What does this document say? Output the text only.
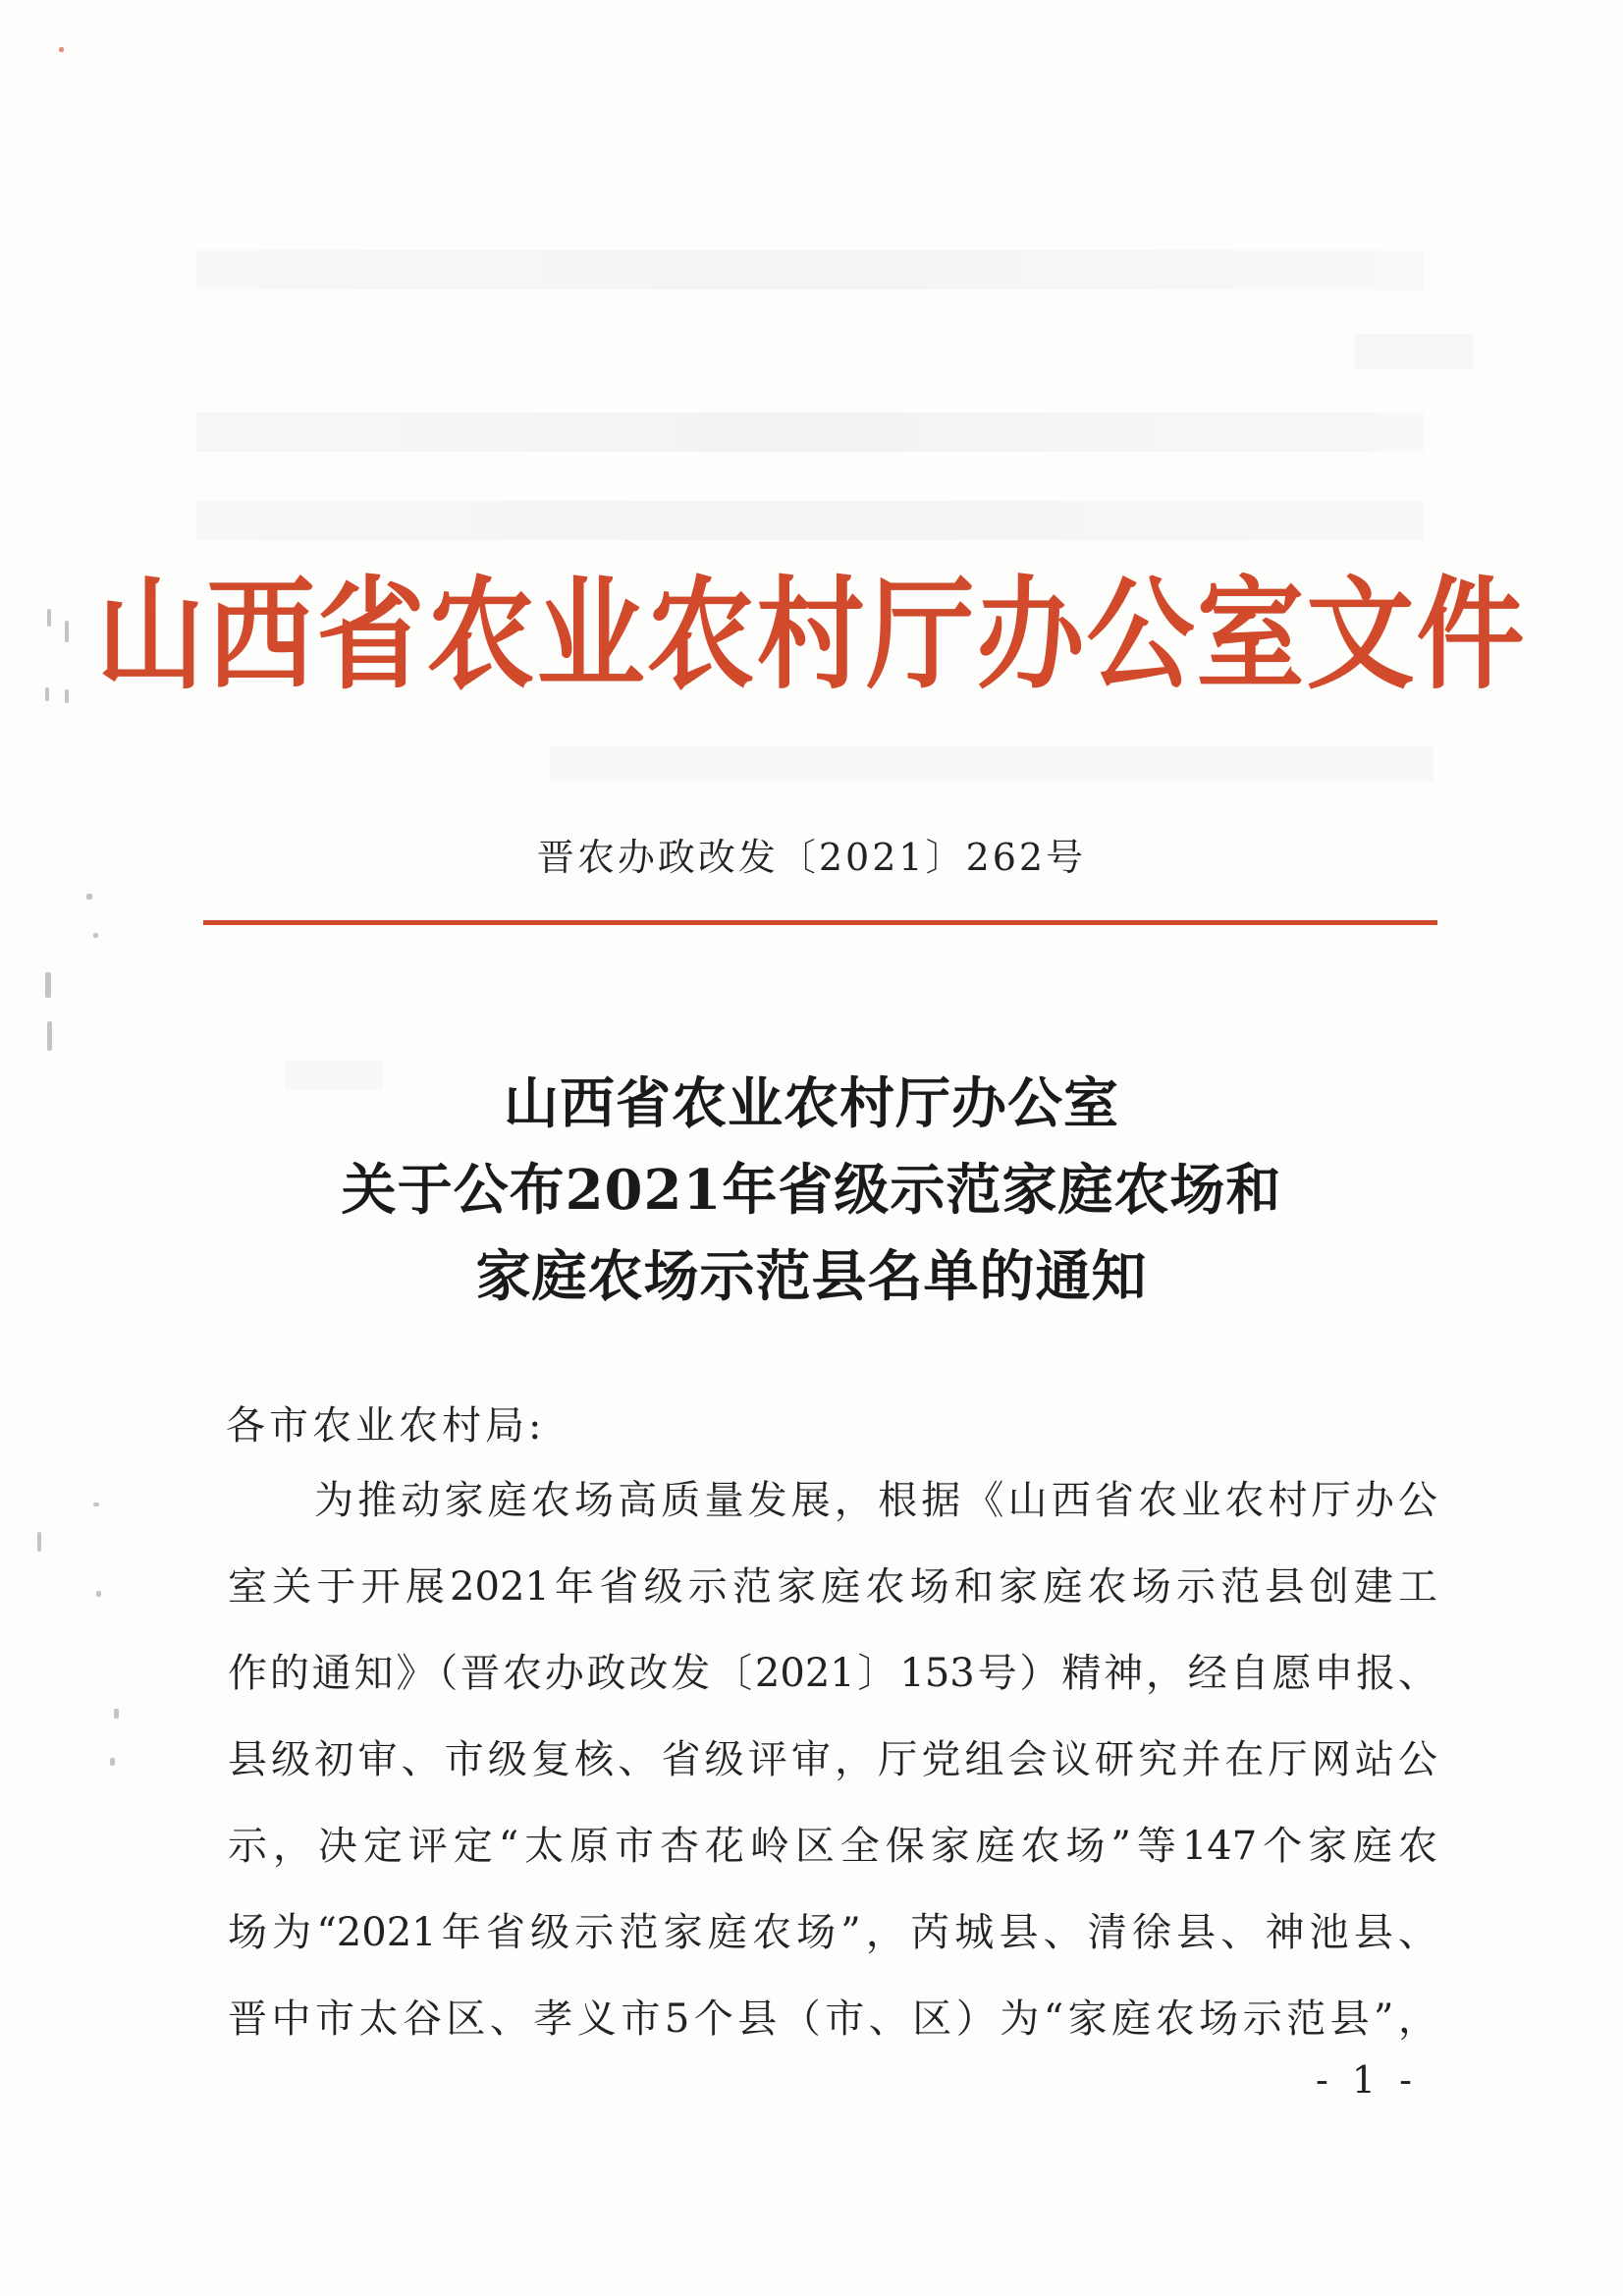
山西省农业农村厅办公室文件
晋农办政改发〔2021〕262号
山西省农业农村厅办公室
关于公布2021年省级示范家庭农场和
家庭农场示范县名单的通知
各市农业农村局:
为推动家庭农场高质量发展，根据《山西省农业农村厅办公
室关于开展2021年省级示范家庭农场和家庭农场示范县创建工
作的通知》（晋农办政改发〔2021〕153号）精神，经自愿申报、
县级初审、市级复核、省级评审，厅党组会议研究并在厅网站公
示，决定评定“太原市杏花岭区全保家庭农场”等147个家庭农
场为“2021年省级示范家庭农场”，芮城县、清徐县、神池县、
晋中市太谷区、孝义市5个县（市、区）为“家庭农场示范县”，
- 1 -
